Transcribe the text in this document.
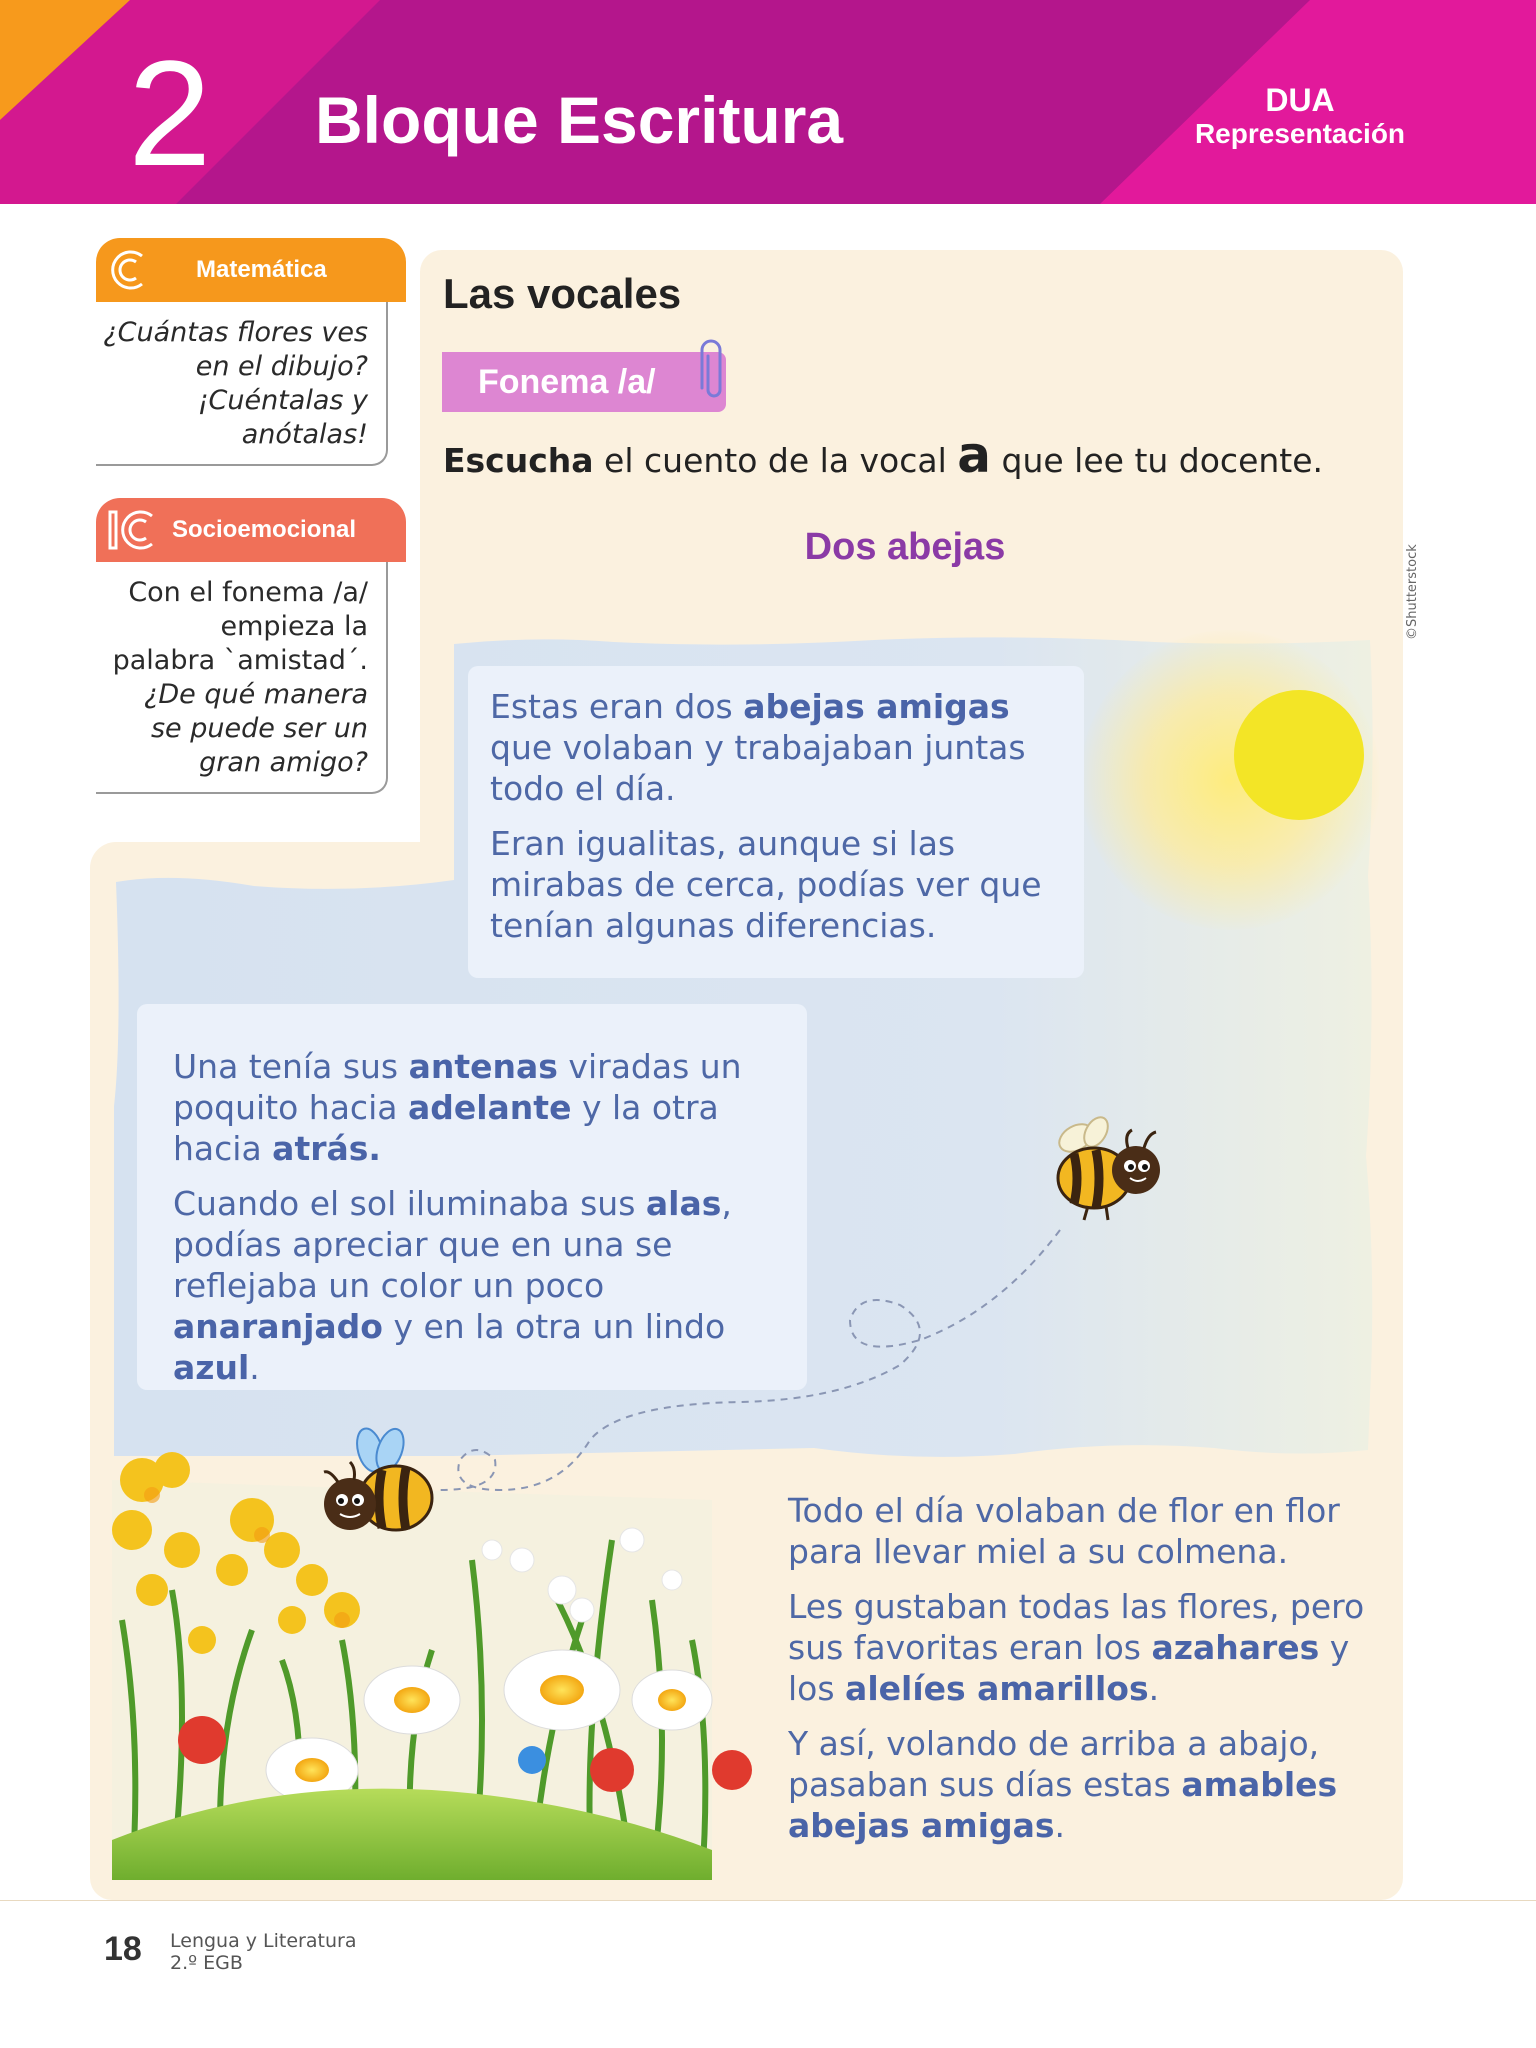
2 Bloque Escritura	DUA
Representación
Matemática
¿Cuántas flores ves
en el dibujo?
¡Cuéntalas y
anótalas!
Socioemocional
Con el fonema /a/
empieza la
palabra `amistad´.
¿De qué manera
se puede ser un
gran amigo?
Las vocales
Fonema /a/
Escucha el cuento de la vocal a que lee tu docente.
Dos abejas	©Shutterstock

Estas eran dos abejas amigas que volaban y trabajaban juntas todo el día.

Eran igualitas, aunque si las mirabas de cerca, podías ver que tenían algunas diferencias.

Una tenía sus antenas viradas un poquito hacia adelante y la otra hacia atrás.

Cuando el sol iluminaba sus alas, podías apreciar que en una se reflejaba un color un poco anaranjado y en la otra un lindo azul.

Todo el día volaban de flor en flor para llevar miel a su colmena.

Les gustaban todas las flores, pero sus favoritas eran los azahares y los alelíes amarillos.

Y así, volando de arriba a abajo, pasaban sus días estas amables abejas amigas.

18 Lengua y Literatura
2.º EGB
